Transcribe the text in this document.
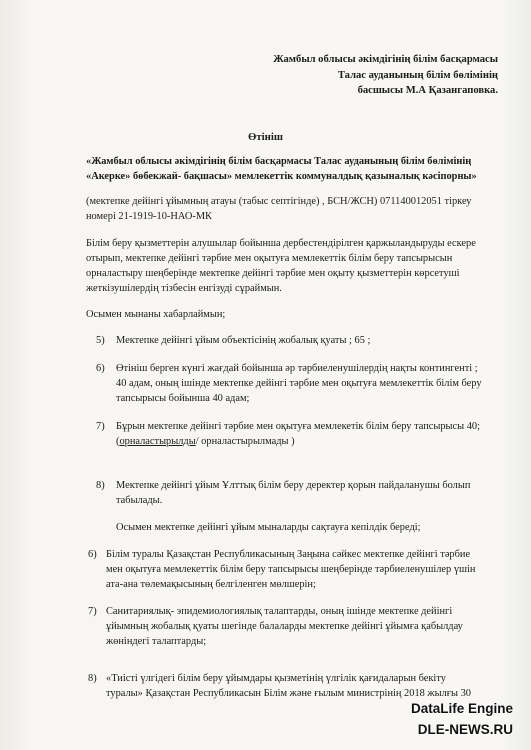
Жамбыл облысы әкімдігінің білім басқармасы
Талас ауданының білім бөлімінің
басшысы М.А Қазангаповка.
Өтініш
«Жамбыл облысы әкімдігінің білім басқармасы Талас ауданының білім бөлімінің
«Акерке» бөбекжай- бақшасы» мемлекеттік коммуналдық қазыналық кәсіпорны»
(мектепке дейінгі ұйымның атауы (табыс септігінде) , БСН/ЖСН) 071140012051 тіркеу
номері 21-1919-10-НАО-МК
Білім беру қызметтерін алушылар бойынша дербестендірілген қаржыландыруды ескере
отырып, мектепке дейінгі тәрбие мен оқытуға мемлекеттік білім беру тапсырысын
орналастыру шеңберінде мектепке дейінгі тәрбие мен оқыту қызметтерін көрсетуші
жеткізушілердің тізбесін енгізуді сұраймын.
Осымен мынаны хабарлаймын;
5) Мектепке дейінгі ұйым объектісінің жобалық қуаты ; 65 ;
6) Өтініш берген күнгі жағдай бойынша әр тәрбиеленушілердің нақты контингенті ;
40 адам, оның ішінде мектепке дейінгі тәрбие мен оқытуға мемлекеттік білім беру
тапсырысы бойынша 40 адам;
7) Бұрын мектепке дейінгі тәрбие мен оқытуға мемлекетік білім беру тапсырысы 40;
(орналастырылды/ орналастырылмады )
8) Мектепке дейінгі ұйым Ұлттық білім беру деректер қорын пайдаланушы болып
табылады.
Осымен мектепке дейінгі ұйым мыналарды сақтауға кепілдік береді;
6) Білім туралы Қазақстан Республикасының Заңына сәйкес мектепке дейінгі тәрбие
мен оқытуға мемлекеттік білім беру тапсырысы шеңберінде тәрбиеленушілер үшін
ата-ана төлемақысының белгіленген мөлшерін;
7) Санитариялық- эпидемиологиялық талаптарды, оның ішінде мектепке дейінгі
ұйымның жобалық қуаты шегінде балаларды мектепке дейінгі ұйымға қабылдау
жөніндегі талаптарды;
8) «Тиісті үлгідегі білім беру ұйымдары қызметінің үлгілік қағидаларын бекіту
туралы» Қазақстан Республикасын Білім және ғылым министрінің 2018 жылғы 30
DataLife Engine
DLE-NEWS.RU
